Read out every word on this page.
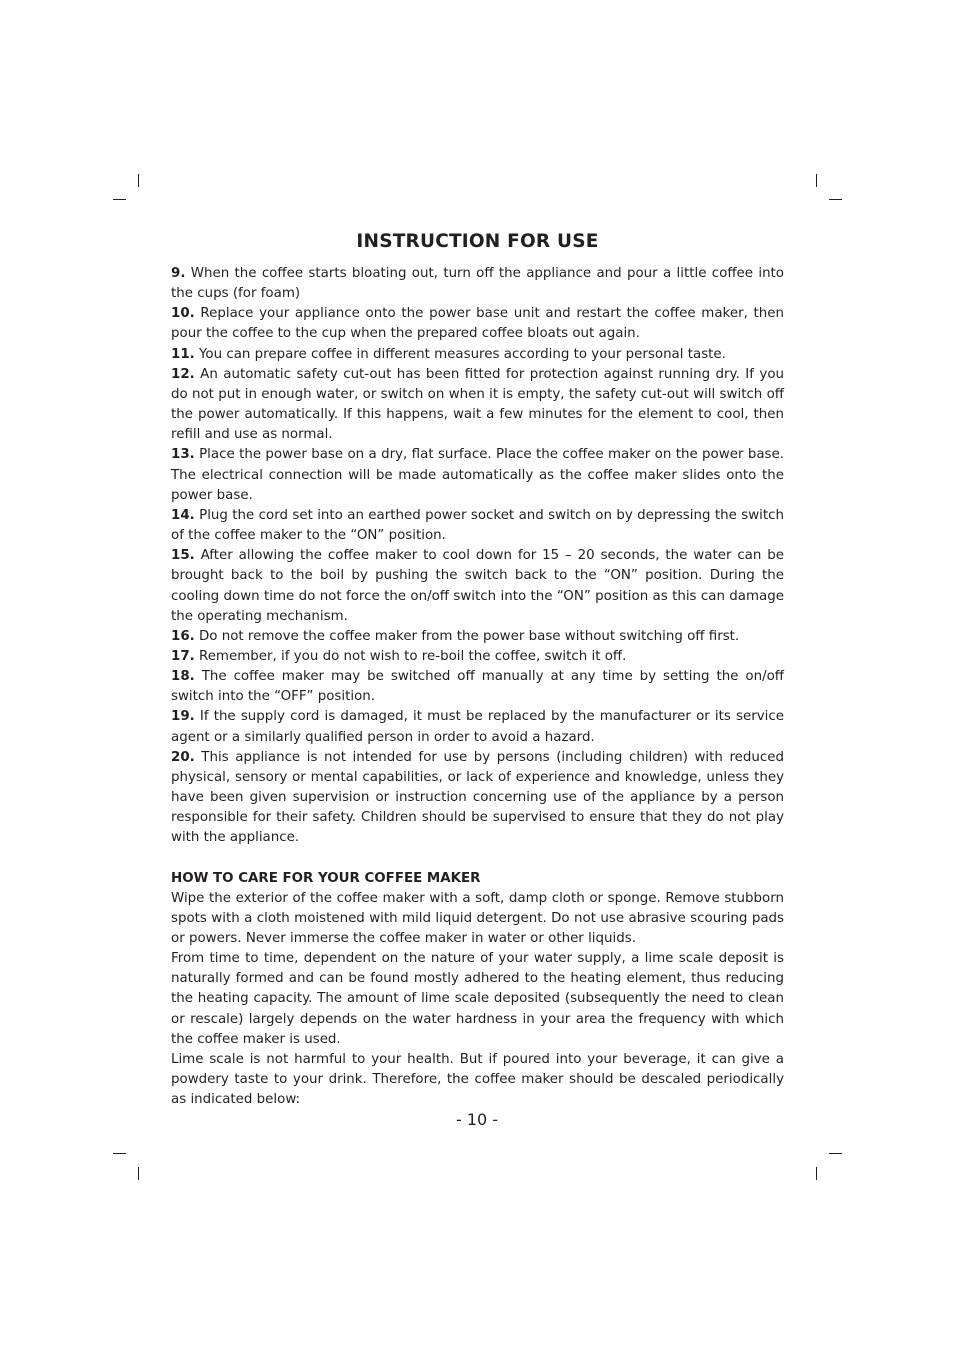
INSTRUCTION FOR USE

9. When the coffee starts bloating out, turn off the appliance and pour a little coffee into the cups (for foam)

10. Replace your appliance onto the power base unit and restart the coffee maker, then pour the coffee to the cup when the prepared coffee bloats out again.

11. You can prepare coffee in different measures according to your personal taste.

12. An automatic safety cut-out has been fitted for protection against running dry. If you do not put in enough water, or switch on when it is empty, the safety cut-out will switch off the power automatically. If this happens, wait a few minutes for the element to cool, then refill and use as normal.

13. Place the power base on a dry, flat surface. Place the coffee maker on the power base. The electrical connection will be made automatically as the coffee maker slides onto the power base.

14. Plug the cord set into an earthed power socket and switch on by depressing the switch of the coffee maker to the “ON” position.

15. After allowing the coffee maker to cool down for 15 – 20 seconds, the water can be brought back to the boil by pushing the switch back to the “ON” position. During the cooling down time do not force the on/off switch into the “ON” position as this can damage the operating mechanism.

16. Do not remove the coffee maker from the power base without switching off first.

17. Remember, if you do not wish to re-boil the coffee, switch it off.

18. The coffee maker may be switched off manually at any time by setting the on/off switch into the “OFF” position.

19. If the supply cord is damaged, it must be replaced by the manufacturer or its service agent or a similarly qualified person in order to avoid a hazard.

20. This appliance is not intended for use by persons (including children) with reduced physical, sensory or mental capabilities, or lack of experience and knowledge, unless they have been given supervision or instruction concerning use of the appliance by a person responsible for their safety. Children should be supervised to ensure that they do not play with the appliance.

HOW TO CARE FOR YOUR COFFEE MAKER

Wipe the exterior of the coffee maker with a soft, damp cloth or sponge. Remove stubborn spots with a cloth moistened with mild liquid detergent. Do not use abrasive scouring pads or powers. Never immerse the coffee maker in water or other liquids.

From time to time, dependent on the nature of your water supply, a lime scale deposit is naturally formed and can be found mostly adhered to the heating element, thus reducing the heating capacity. The amount of lime scale deposited (subsequently the need to clean or rescale) largely depends on the water hardness in your area the frequency with which the coffee maker is used.

Lime scale is not harmful to your health. But if poured into your beverage, it can give a powdery taste to your drink. Therefore, the coffee maker should be descaled periodically as indicated below:

- 10 -
